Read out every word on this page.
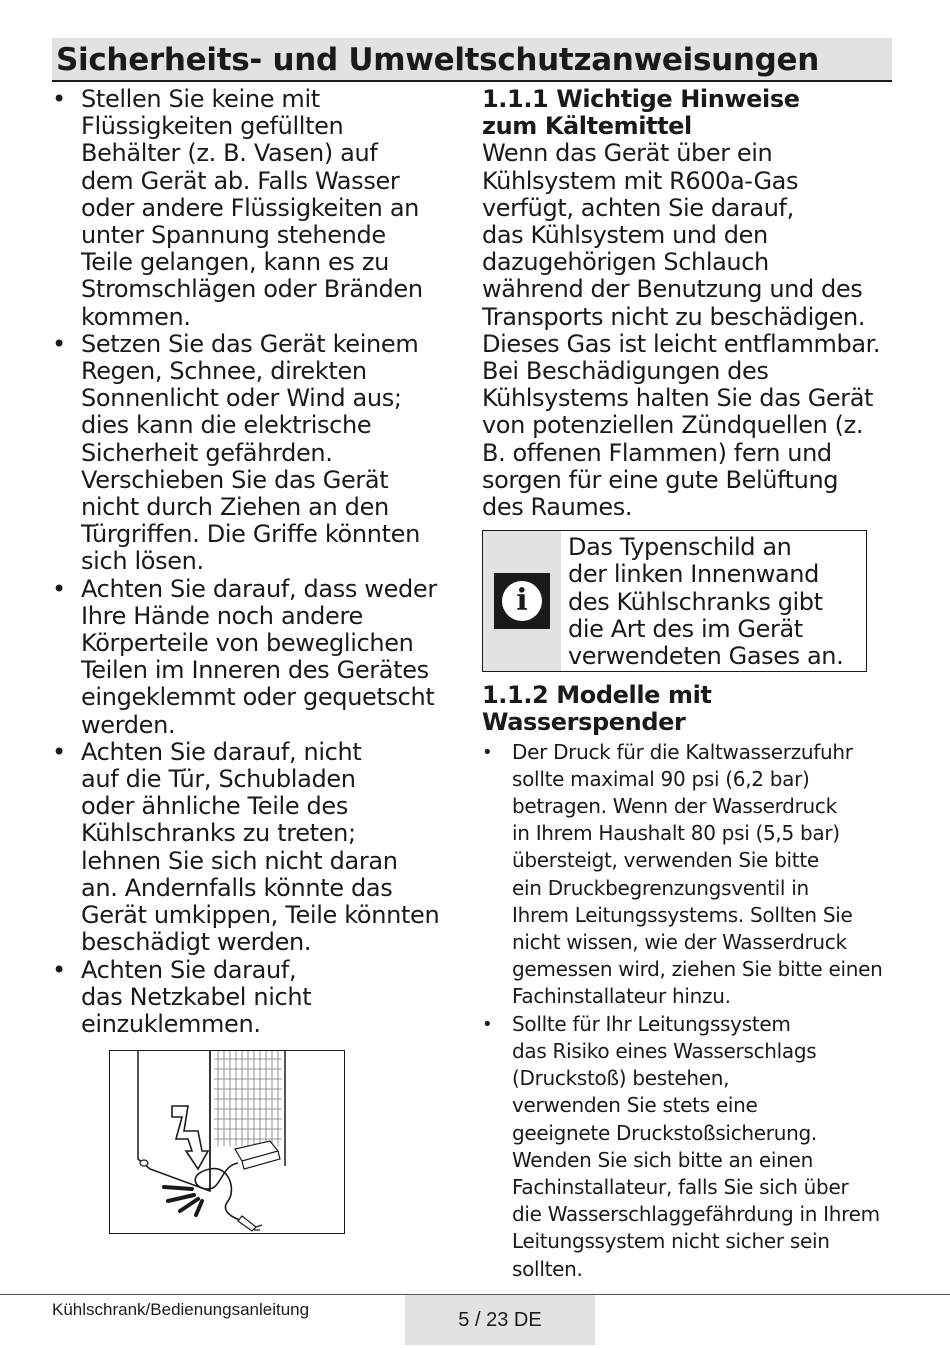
Sicherheits- und Umweltschutzanweisungen
• Stellen Sie keine mit
Flüssigkeiten gefüllten
Behälter (z. B. Vasen) auf
dem Gerät ab. Falls Wasser
oder andere Flüssigkeiten an
unter Spannung stehende
Teile gelangen, kann es zu
Stromschlägen oder Bränden
kommen.
• Setzen Sie das Gerät keinem
Regen, Schnee, direkten
Sonnenlicht oder Wind aus;
dies kann die elektrische
Sicherheit gefährden.
Verschieben Sie das Gerät
nicht durch Ziehen an den
Türgriffen. Die Griffe könnten
sich lösen.
• Achten Sie darauf, dass weder
Ihre Hände noch andere
Körperteile von beweglichen
Teilen im Inneren des Gerätes
eingeklemmt oder gequetscht
werden.
• Achten Sie darauf, nicht
auf die Tür, Schubladen
oder ähnliche Teile des
Kühlschranks zu treten;
lehnen Sie sich nicht daran
an. Andernfalls könnte das
Gerät umkippen, Teile könnten
beschädigt werden.
• Achten Sie darauf,
das Netzkabel nicht
einzuklemmen.
1.1.1 Wichtige Hinweise
zum Kältemittel

Wenn das Gerät über ein
Kühlsystem mit R600a-Gas
verfügt, achten Sie darauf,
das Kühlsystem und den
dazugehörigen Schlauch
während der Benutzung und des
Transports nicht zu beschädigen.
Dieses Gas ist leicht entflammbar.
Bei Beschädigungen des
Kühlsystems halten Sie das Gerät
von potenziellen Zündquellen (z.
B. offenen Flammen) fern und
sorgen für eine gute Belüftung
des Raumes.

i
Das Typenschild an
der linken Innenwand
des Kühlschranks gibt
die Art des im Gerät
verwendeten Gases an.
1.1.2 Modelle mit
Wasserspender
• Der Druck für die Kaltwasserzufuhr
sollte maximal 90 psi (6,2 bar)
betragen. Wenn der Wasserdruck
in Ihrem Haushalt 80 psi (5,5 bar)
übersteigt, verwenden Sie bitte
ein Druckbegrenzungsventil in
Ihrem Leitungssystems. Sollten Sie
nicht wissen, wie der Wasserdruck
gemessen wird, ziehen Sie bitte einen
Fachinstallateur hinzu.
• Sollte für Ihr Leitungssystem
das Risiko eines Wasserschlags
(Druckstoß) bestehen,
verwenden Sie stets eine
geeignete Druckstoßsicherung.
Wenden Sie sich bitte an einen
Fachinstallateur, falls Sie sich über
die Wasserschlaggefährdung in Ihrem
Leitungssystem nicht sicher sein
sollten.
Kühlschrank/Bedienungsanleitung	5 / 23 DE
